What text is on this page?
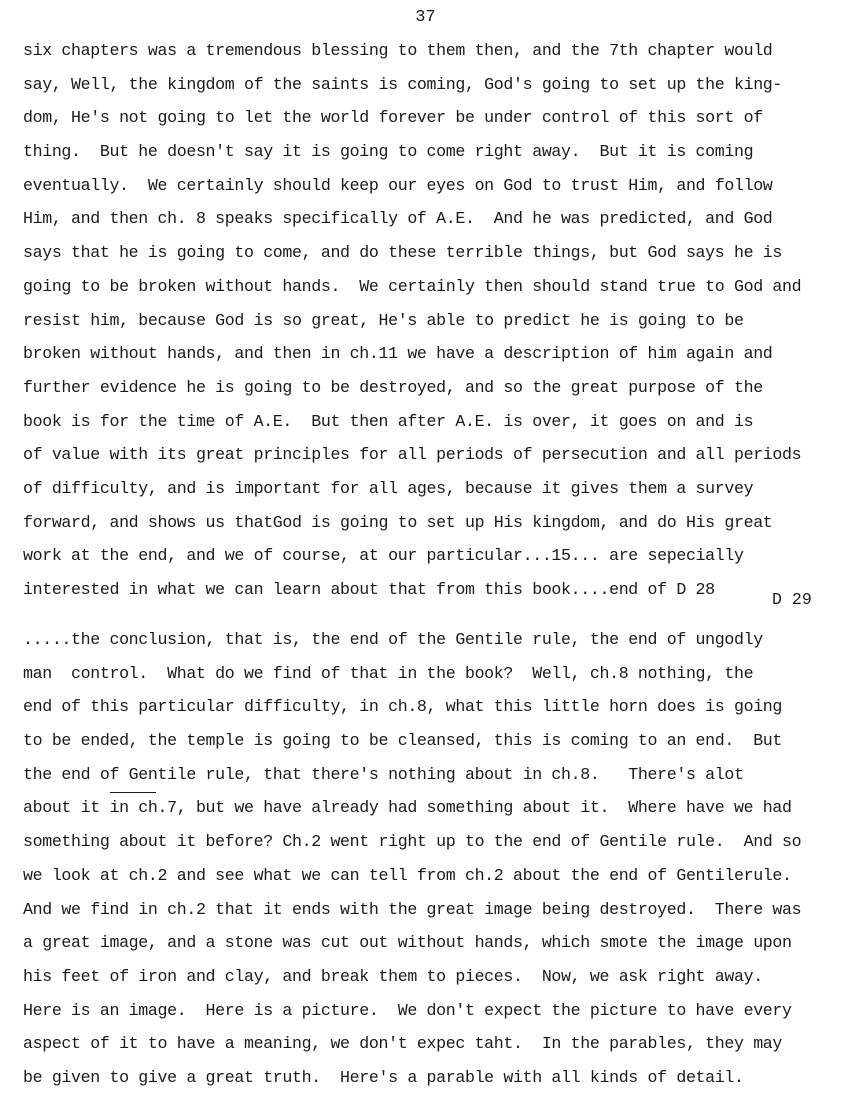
37
six chapters was a tremendous blessing to them then, and the 7th chapter would
say, Well, the kingdom of the saints is coming, God's going to set up the king-
dom, He's not going to let the world forever be under control of this sort of
thing.  But he doesn't say it is going to come right away.  But it is coming
eventually.  We certainly should keep our eyes on God to trust Him, and follow
Him, and then ch. 8 speaks specifically of A.E.  And he was predicted, and God
says that he is going to come, and do these terrible things, but God says he is
going to be broken without hands.  We certainly then should stand true to God and
resist him, because God is so great, He's able to predict he is going to be
broken without hands, and then in ch.11 we have a description of him again and
further evidence he is going to be destroyed, and so the great purpose of the
book is for the time of A.E.  But then after A.E. is over, it goes on and is
of value with its great principles for all periods of persecution and all periods
of difficulty, and is important for all ages, because it gives them a survey
forward, and shows us thatGod is going to set up His kingdom, and do His great
work at the end, and we of course, at our particular...15... are sepecially
interested in what we can learn about that from this book....end of D 28
D 29
.....the conclusion, that is, the end of the Gentile rule, the end of ungodly
man  control.  What do we find of that in the book?  Well, ch.8 nothing, the
end of this particular difficulty, in ch.8, what this little horn does is going
to be ended, the temple is going to be cleansed, this is coming to an end.  But
the end of Gentile rule, that there's nothing about in ch.8.   There's alot
about it in ch.7, but we have already had something about it.  Where have we had
something about it before? Ch.2 went right up to the end of Gentile rule.  And so
we look at ch.2 and see what we can tell from ch.2 about the end of Gentilerule.
And we find in ch.2 that it ends with the great image being destroyed.  There was
a great image, and a stone was cut out without hands, which smote the image upon
his feet of iron and clay, and break them to pieces.  Now, we ask right away.
Here is an image.  Here is a picture.  We don't expect the picture to have every
aspect of it to have a meaning, we don't expec taht.  In the parables, they may
be given to give a great truth.  Here's a parable with all kinds of detail.
